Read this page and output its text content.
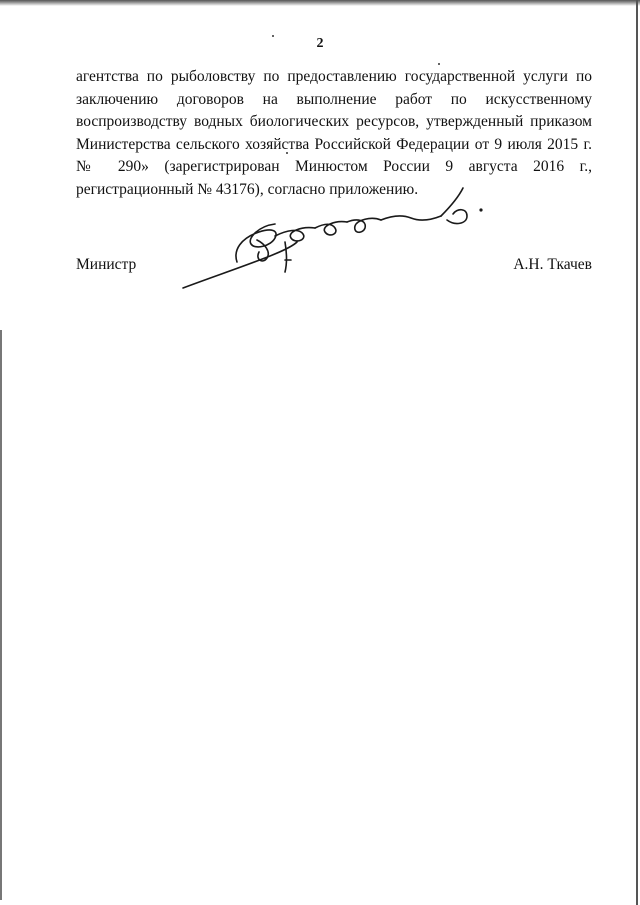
2
агентства по рыболовству по предоставлению государственной услуги по
заключению договоров на выполнение работ по искусственному
воспроизводству водных биологических ресурсов, утвержденный приказом
Министерства сельского хозяйства Российской Федерации от 9 июля 2015 г.
№ 290» (зарегистрирован Минюстом России 9 августа 2016 г.,
регистрационный № 43176), согласно приложению.
Министр	А.Н. Ткачев
